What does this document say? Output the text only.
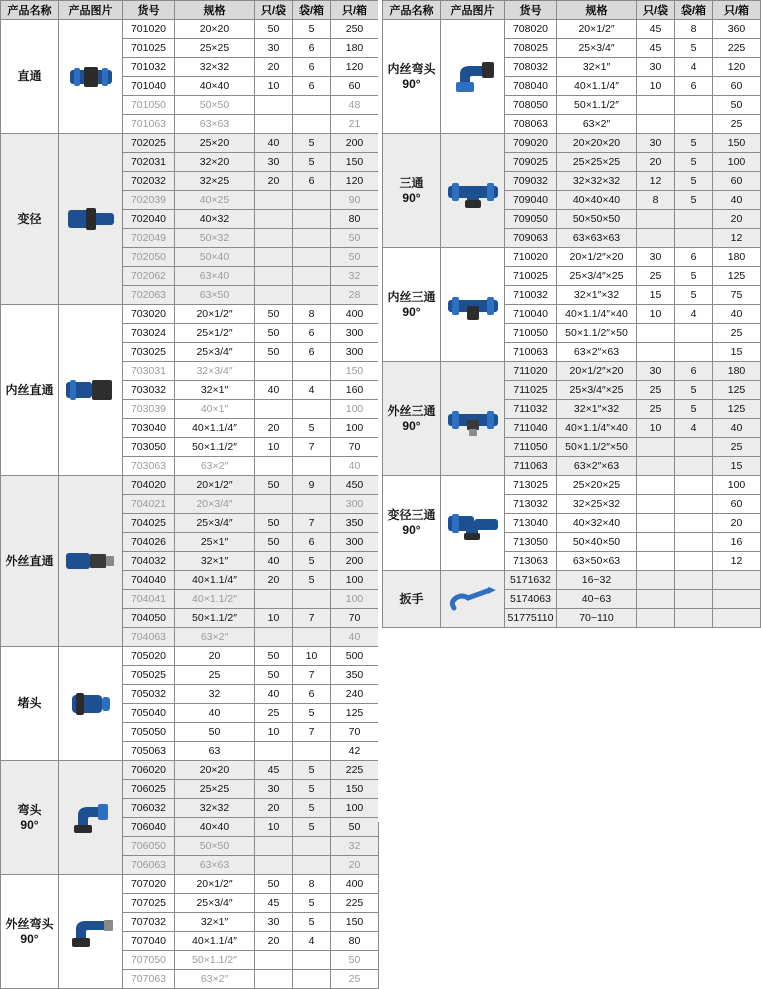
产品名称	产品图片	货号	规格	只/袋	袋/箱	只/箱

直通		701020	20×20	50	5	250
		701025	25×25	30	6	180
		701032	32×32	20	6	120
		701040	40×40	10	6	60
		701050	50×50			48
		701063	63×63			21

变径		702025	25×20	40	5	200
		702031	32×20	30	5	150
		702032	32×25	20	6	120
		702039	40×25			90
		702040	40×32			80
		702049	50×32			50
		702050	50×40			50
		702062	63×40			32
		702063	63×50			28

内丝直通		703020	20×1/2″	50	8	400
		703024	25×1/2″	50	6	300
		703025	25×3/4″	50	6	300
		703031	32×3/4″			150
		703032	32×1″	40	4	160
		703039	40×1″			100
		703040	40×1.1/4″	20	5	100
		703050	50×1.1/2″	10	7	70
		703063	63×2″			40

外丝直通		704020	20×1/2″	50	9	450
		704021	20×3/4″			300
		704025	25×3/4″	50	7	350
		704026	25×1″	50	6	300
		704032	32×1″	40	5	200
		704040	40×1.1/4″	20	5	100
		704041	40×1.1/2″			100
		704050	50×1.1/2″	10	7	70
		704063	63×2″			40

堵头		705020	20	50	10	500
		705025	25	50	7	350
		705032	32	40	6	240
		705040	40	25	5	125
		705050	50	10	7	70
		705063	63			42

弯头
90°		706020	20×20	45	5	225
		706025	25×25	30	5	150
		706032	32×32	20	5	100
		706040	40×40	10	5	50
		706050	50×50			32
		706063	63×63			20

外丝弯头
90°		707020	20×1/2″	50	8	400
		707025	25×3/4″	45	5	225
		707032	32×1″	30	5	150
		707040	40×1.1/4″	20	4	80
		707050	50×1.1/2″			50
		707063	63×2″			25
产品名称	产品图片	货号	规格	只/袋	袋/箱	只/箱

内丝弯头
90°		708020	20×1/2″	45	8	360
		708025	25×3/4″	45	5	225
		708032	32×1″	30	4	120
		708040	40×1.1/4″	10	6	60
		708050	50×1.1/2″			50
		708063	63×2″			25

三通
90°		709020	20×20×20	30	5	150
		709025	25×25×25	20	5	100
		709032	32×32×32	12	5	60
		709040	40×40×40	8	5	40
		709050	50×50×50			20
		709063	63×63×63			12

内丝三通
90°		710020	20×1/2″×20	30	6	180
		710025	25×3/4″×25	25	5	125
		710032	32×1″×32	15	5	75
		710040	40×1.1/4″×40	10	4	40
		710050	50×1.1/2″×50			25
		710063	63×2″×63			15

外丝三通
90°		711020	20×1/2″×20	30	6	180
		711025	25×3/4″×25	25	5	125
		711032	32×1″×32	25	5	125
		711040	40×1.1/4″×40	10	4	40
		711050	50×1.1/2″×50			25
		711063	63×2″×63			15

变径三通
90°		713025	25×20×25			100
		713032	32×25×32			60
		713040	40×32×40			20
		713050	50×40×50			16
		713063	63×50×63			12

扳手		5171632	16~32			
		5174063	40~63			
		51775110	70~110			
